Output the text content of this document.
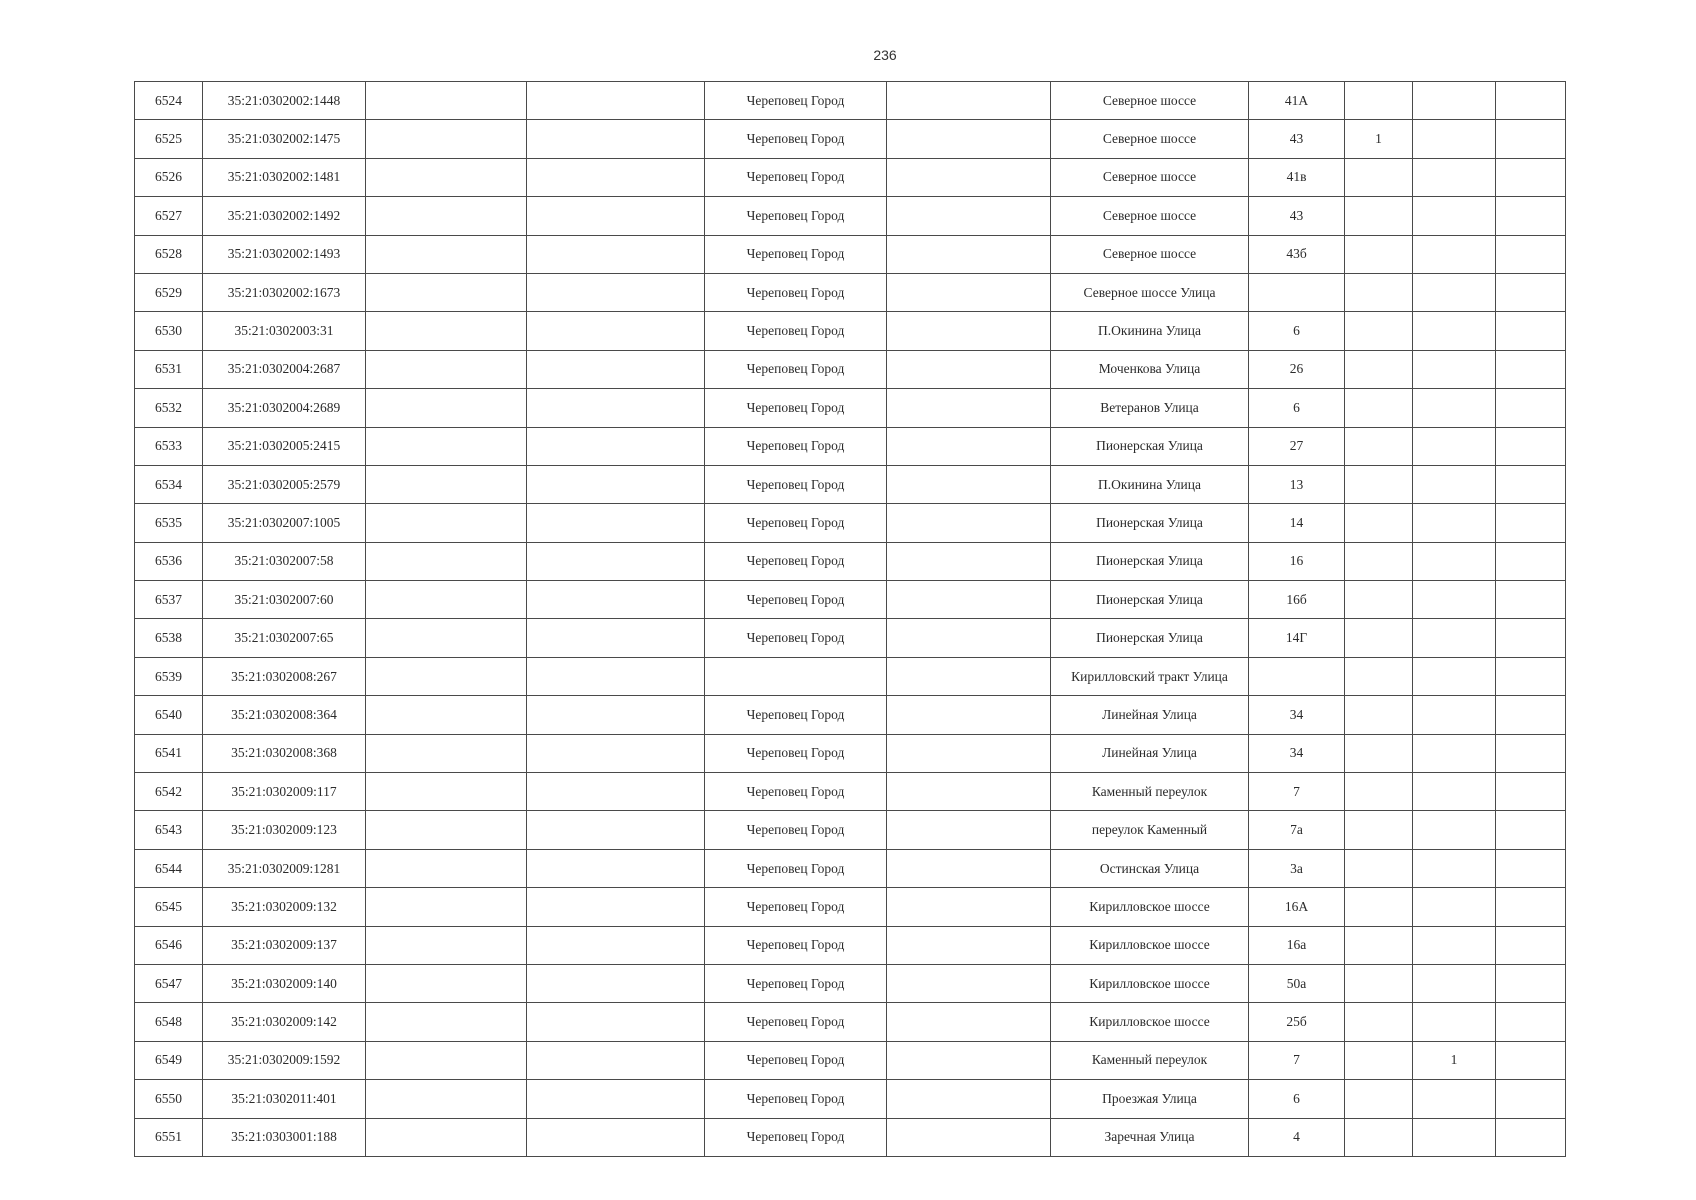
236
6524	35:21:0302002:1448			Череповец Город		Северное шоссе	41А			
6525	35:21:0302002:1475			Череповец Город		Северное шоссе	43	1		
6526	35:21:0302002:1481			Череповец Город		Северное шоссе	41в			
6527	35:21:0302002:1492			Череповец Город		Северное шоссе	43			
6528	35:21:0302002:1493			Череповец Город		Северное шоссе	43б			
6529	35:21:0302002:1673			Череповец Город		Северное шоссе Улица				
6530	35:21:0302003:31			Череповец Город		П.Окинина Улица	6			
6531	35:21:0302004:2687			Череповец Город		Моченкова Улица	26			
6532	35:21:0302004:2689			Череповец Город		Ветеранов Улица	6			
6533	35:21:0302005:2415			Череповец Город		Пионерская Улица	27			
6534	35:21:0302005:2579			Череповец Город		П.Окинина Улица	13			
6535	35:21:0302007:1005			Череповец Город		Пионерская Улица	14			
6536	35:21:0302007:58			Череповец Город		Пионерская Улица	16			
6537	35:21:0302007:60			Череповец Город		Пионерская Улица	16б			
6538	35:21:0302007:65			Череповец Город		Пионерская Улица	14Г			
6539	35:21:0302008:267					Кирилловский тракт Улица				
6540	35:21:0302008:364			Череповец Город		Линейная Улица	34			
6541	35:21:0302008:368			Череповец Город		Линейная Улица	34			
6542	35:21:0302009:117			Череповец Город		Каменный переулок	7			
6543	35:21:0302009:123			Череповец Город		переулок Каменный	7а			
6544	35:21:0302009:1281			Череповец Город		Остинская Улица	3а			
6545	35:21:0302009:132			Череповец Город		Кирилловское шоссе	16А			
6546	35:21:0302009:137			Череповец Город		Кирилловское шоссе	16а			
6547	35:21:0302009:140			Череповец Город		Кирилловское шоссе	50а			
6548	35:21:0302009:142			Череповец Город		Кирилловское шоссе	25б			
6549	35:21:0302009:1592			Череповец Город		Каменный переулок	7		1	
6550	35:21:0302011:401			Череповец Город		Проезжая Улица	6			
6551	35:21:0303001:188			Череповец Город		Заречная Улица	4			
